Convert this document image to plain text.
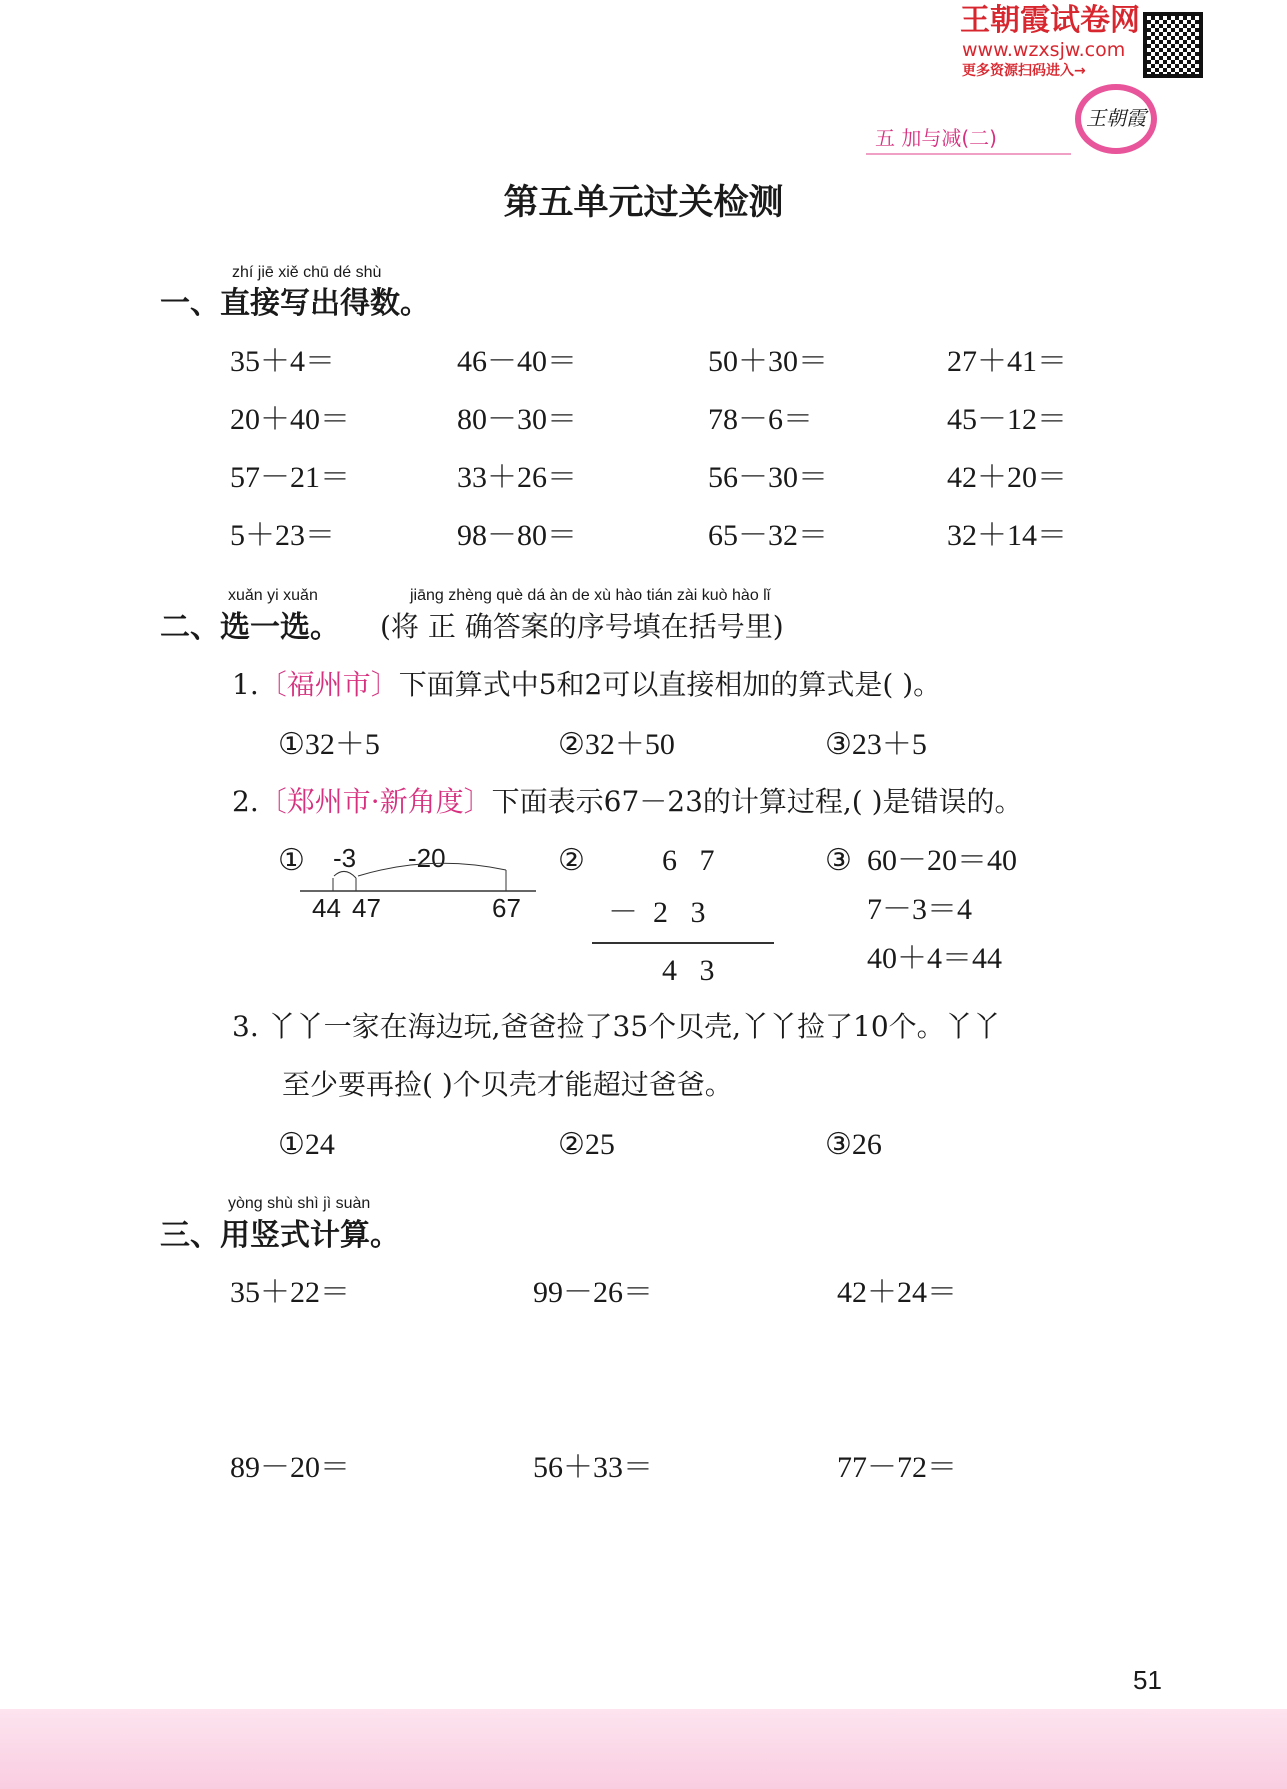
王朝霞试卷网
www.wzxsjw.com
更多资源扫码进入→
王朝霞
五 加与减(二)
第五单元过关检测
zhí jiē xiě chū dé shù
一、直接写出得数。
35＋4＝	46－40＝	50＋30＝	27＋41＝
20＋40＝	80－30＝	78－6＝	45－12＝
57－21＝	33＋26＝	56－30＝	42＋20＝
5＋23＝	98－80＝	65－32＝	32＋14＝
xuǎn yi xuǎn	jiāng zhèng què dá àn de xù hào tián zài kuò hào lǐ
二、选一选。 (将 正 确答案的序号填在括号里)
1.〔福州市〕下面算式中5和2可以直接相加的算式是( )。
①32＋5	②32＋50	③23＋5
2.〔郑州市·新角度〕下面表示67－23的计算过程,( )是错误的。
① -3 -20
44 47	67
②	6   7
－  2   3
4   3
③ 60－20＝40
7－3＝4
40＋4＝44
3. 丫丫一家在海边玩,爸爸捡了35个贝壳,丫丫捡了10个。丫丫
至少要再捡( )个贝壳才能超过爸爸。
①24	②25	③26
yòng shù shì jì suàn
三、用竖式计算。
35＋22＝	99－26＝	42＋24＝
89－20＝	56＋33＝	77－72＝
51
